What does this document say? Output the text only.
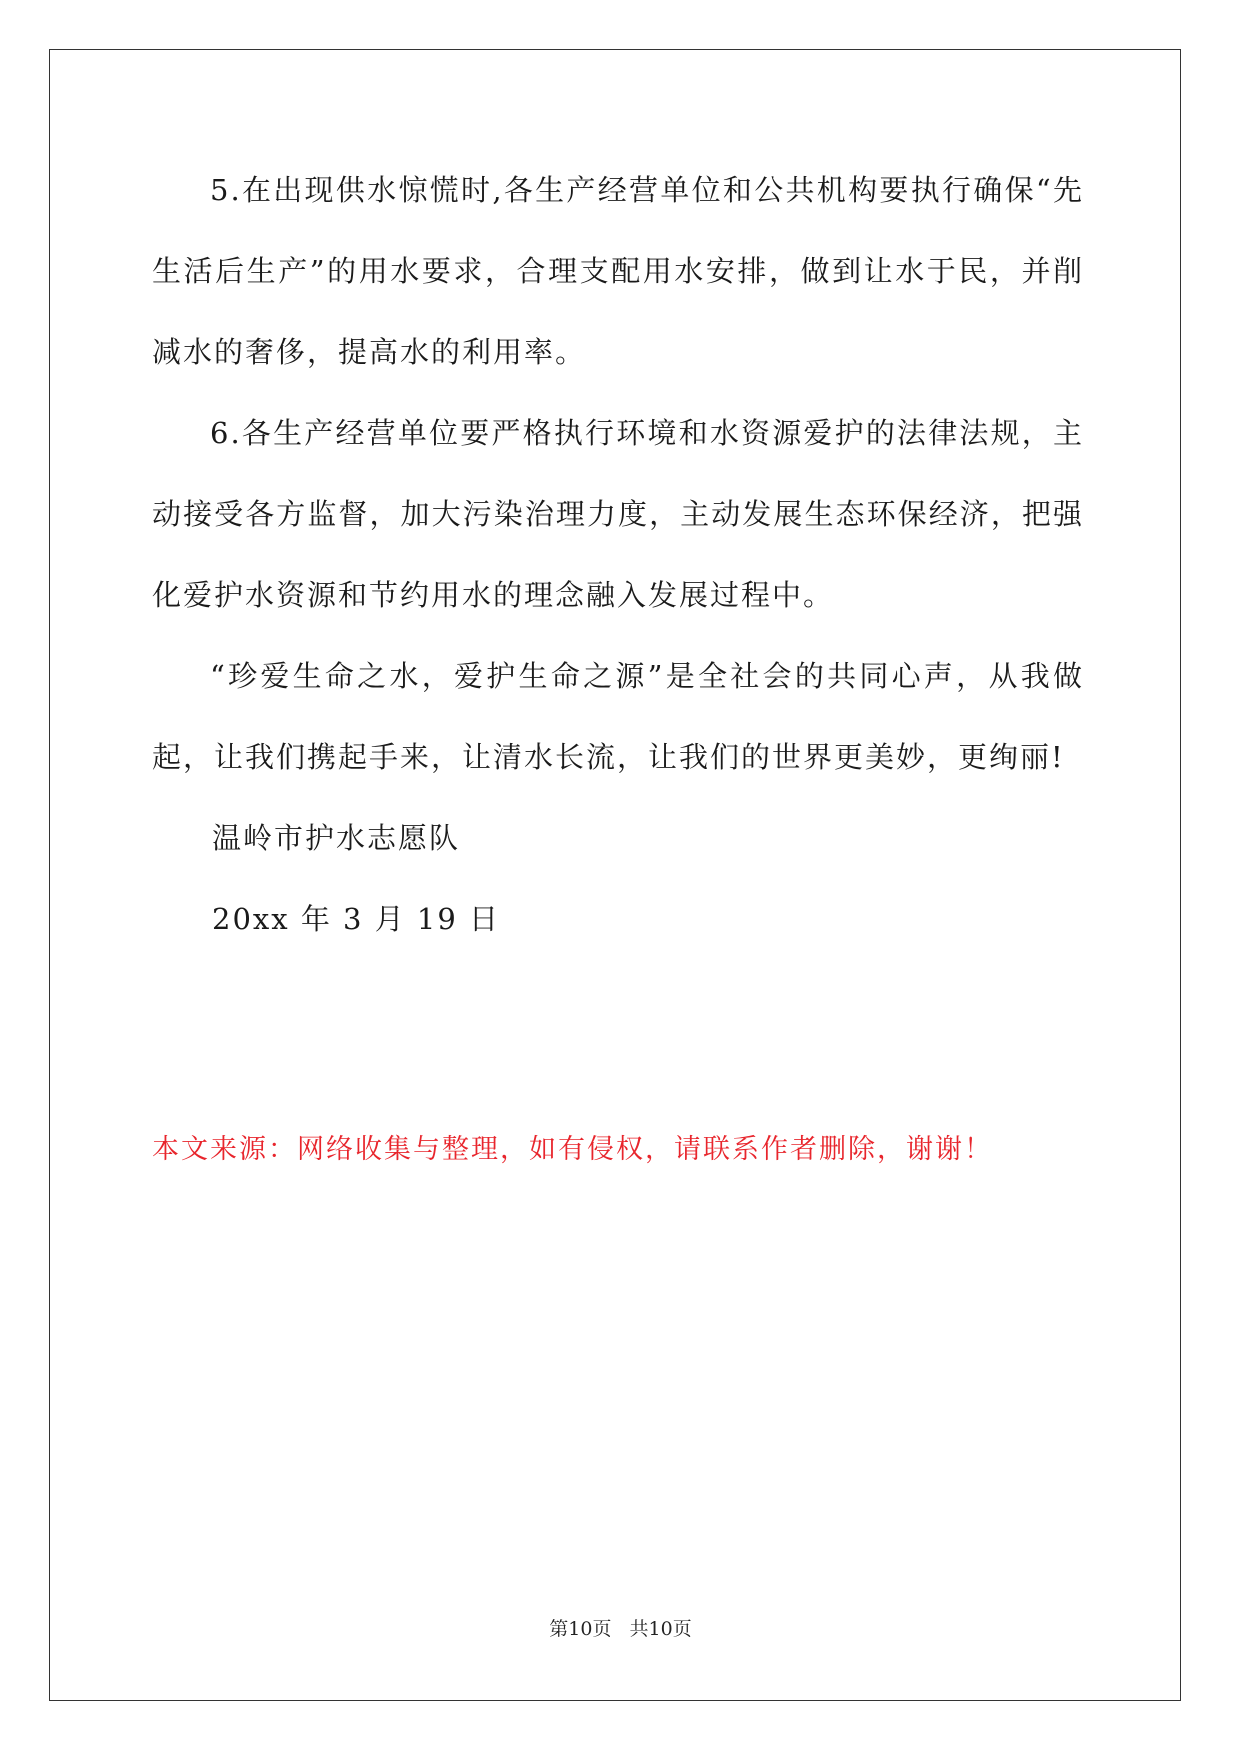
5.在出现供水惊慌时,各生产经营单位和公共机构要执行确保“先生活后生产”的用水要求，合理支配用水安排，做到让水于民，并削减水的奢侈，提高水的利用率。

6.各生产经营单位要严格执行环境和水资源爱护的法律法规，主动接受各方监督，加大污染治理力度，主动发展生态环保经济，把强化爱护水资源和节约用水的理念融入发展过程中。

“珍爱生命之水，爱护生命之源”是全社会的共同心声，从我做起，让我们携起手来，让清水长流，让我们的世界更美妙，更绚丽!

温岭市护水志愿队

20xx 年 3 月 19 日

本文来源：网络收集与整理，如有侵权，请联系作者删除，谢谢！

第10页 共10页
